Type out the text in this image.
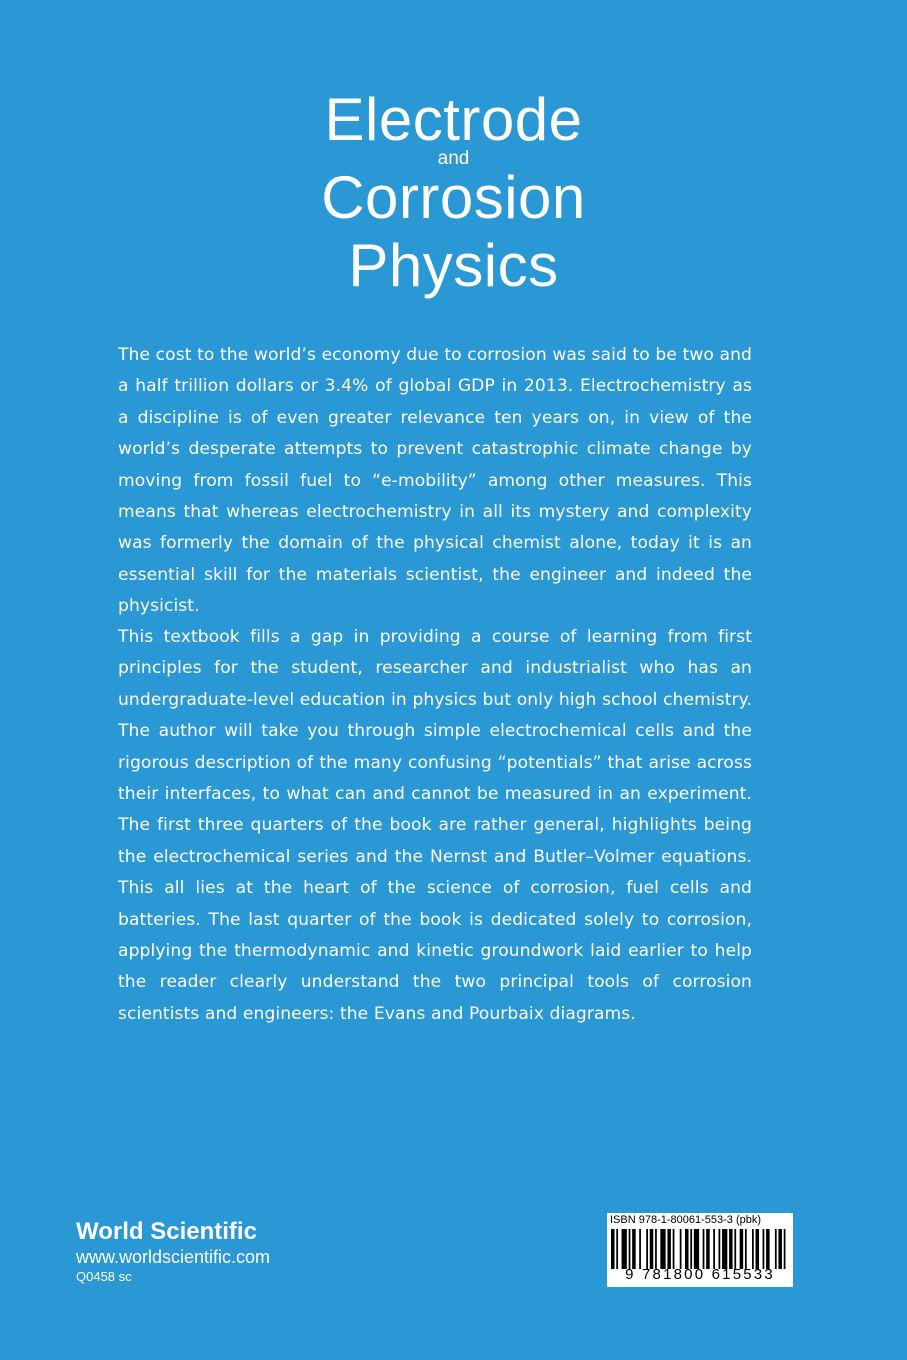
Electrode
and
Corrosion
Physics
The cost to the world’s economy due to corrosion was said to be two and a half trillion dollars or 3.4% of global GDP in 2013. Electrochemistry as a discipline is of even greater relevance ten years on, in view of the world’s desperate attempts to prevent catastrophic climate change by moving from fossil fuel to “e-mobility” among other measures. This means that whereas electrochemistry in all its mystery and complexity was formerly the domain of the physical chemist alone, today it is an essential skill for the materials scientist, the engineer and indeed the physicist.
This textbook fills a gap in providing a course of learning from first principles for the student, researcher and industrialist who has an undergraduate-level education in physics but only high school chemistry. The author will take you through simple electrochemical cells and the rigorous description of the many confusing “potentials” that arise across their interfaces, to what can and cannot be measured in an experiment. The first three quarters of the book are rather general, highlights being the electrochemical series and the Nernst and Butler–Volmer equations. This all lies at the heart of the science of corrosion, fuel cells and batteries. The last quarter of the book is dedicated solely to corrosion, applying the thermodynamic and kinetic groundwork laid earlier to help the reader clearly understand the two principal tools of corrosion scientists and engineers: the Evans and Pourbaix diagrams.
World Scientific
www.worldscientific.com
Q0458 sc
ISBN 978-1-80061-553-3 (pbk)
9 781800 615533
